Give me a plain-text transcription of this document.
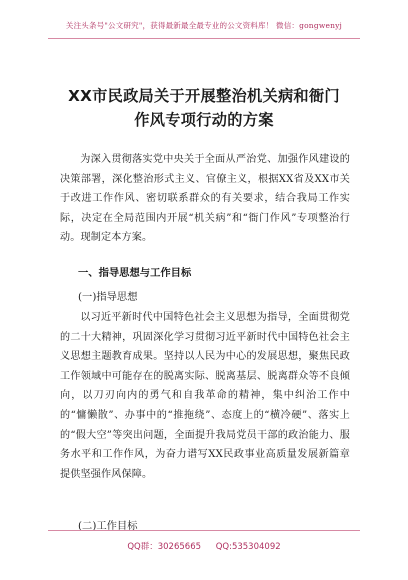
关注头条号"公文研究"，获得最新最全最专业的公文资料库！ 微信：gongwenyj
XX市民政局关于开展整治机关病和衙门
作风专项行动的方案
为深入贯彻落实党中央关于全面从严治党、加强作风建设的决策部署，深化整治形式主义、官僚主义，根据XX省及XX市关于改进工作作风、密切联系群众的有关要求，结合我局工作实际，决定在全局范围内开展“机关病”和“衙门作风”专项整治行动。现制定本方案。
一、指导思想与工作目标
(一)指导思想
以习近平新时代中国特色社会主义思想为指导，全面贯彻党的二十大精神，巩固深化学习贯彻习近平新时代中国特色社会主义思想主题教育成果。坚持以人民为中心的发展思想，聚焦民政工作领域中可能存在的脱离实际、脱离基层、脱离群众等不良倾向，以刀刃向内的勇气和自我革命的精神，集中纠治工作中的“慵懒散”、办事中的“推拖绕”、态度上的“横冷硬”、落实上的“假大空”等突出问题，全面提升我局党员干部的政治能力、服务水平和工作作风，为奋力谱写XX民政事业高质量发展新篇章提供坚强作风保障。
(二)工作目标
QQ群：30265665 QQ:535304092
